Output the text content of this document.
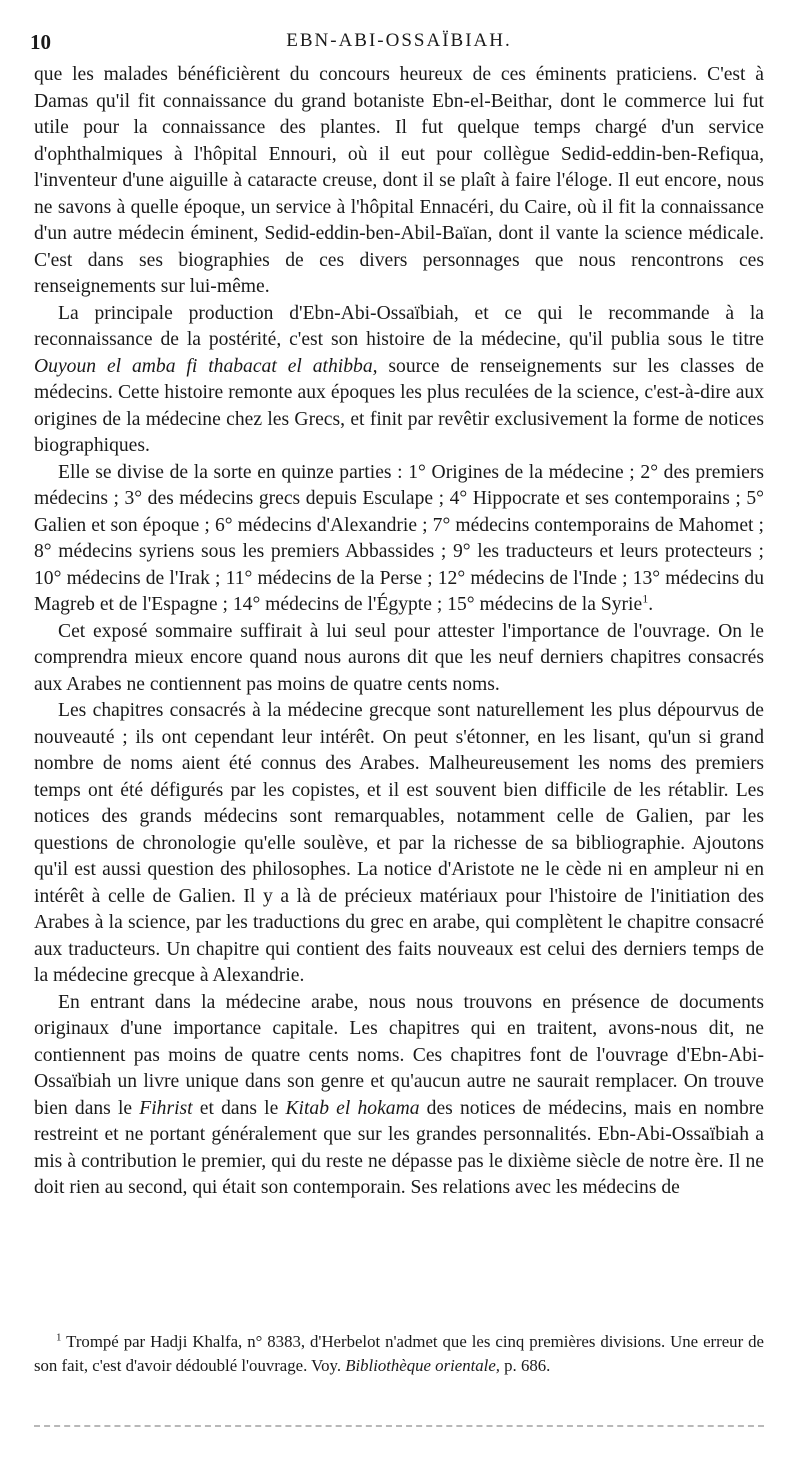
10	EBN-ABI-OSSAÏBIAH.

que les malades bénéficièrent du concours heureux de ces éminents praticiens. C'est à Damas qu'il fit connaissance du grand botaniste Ebn-el-Beithar, dont le commerce lui fut utile pour la connaissance des plantes. Il fut quelque temps chargé d'un service d'ophthalmiques à l'hôpital Ennouri, où il eut pour collègue Sedid-eddin-ben-Refiqua, l'inventeur d'une aiguille à cataracte creuse, dont il se plaît à faire l'éloge. Il eut encore, nous ne savons à quelle époque, un service à l'hôpital Ennacéri, du Caire, où il fit la connaissance d'un autre médecin éminent, Sedid-eddin-ben-Abil-Baïan, dont il vante la science médicale. C'est dans ses biographies de ces divers personnages que nous rencontrons ces renseignements sur lui-même.

La principale production d'Ebn-Abi-Ossaïbiah, et ce qui le recommande à la reconnaissance de la postérité, c'est son histoire de la médecine, qu'il publia sous le titre Ouyoun el amba fi thabacat el athibba, source de renseignements sur les classes de médecins. Cette histoire remonte aux époques les plus reculées de la science, c'est-à-dire aux origines de la médecine chez les Grecs, et finit par revêtir exclusivement la forme de notices biographiques.

Elle se divise de la sorte en quinze parties : 1° Origines de la médecine ; 2° des premiers médecins ; 3° des médecins grecs depuis Esculape ; 4° Hippocrate et ses contemporains ; 5° Galien et son époque ; 6° médecins d'Alexandrie ; 7° médecins contemporains de Mahomet ; 8° médecins syriens sous les premiers Abbassides ; 9° les traducteurs et leurs protecteurs ; 10° médecins de l'Irak ; 11° médecins de la Perse ; 12° médecins de l'Inde ; 13° médecins du Magreb et de l'Espagne ; 14° médecins de l'Égypte ; 15° médecins de la Syrie$^1$.

Cet exposé sommaire suffirait à lui seul pour attester l'importance de l'ouvrage. On le comprendra mieux encore quand nous aurons dit que les neuf derniers chapitres consacrés aux Arabes ne contiennent pas moins de quatre cents noms.

Les chapitres consacrés à la médecine grecque sont naturellement les plus dépourvus de nouveauté ; ils ont cependant leur intérêt. On peut s'étonner, en les lisant, qu'un si grand nombre de noms aient été connus des Arabes. Malheureusement les noms des premiers temps ont été défigurés par les copistes, et il est souvent bien difficile de les rétablir. Les notices des grands médecins sont remarquables, notamment celle de Galien, par les questions de chronologie qu'elle soulève, et par la richesse de sa bibliographie. Ajoutons qu'il est aussi question des philosophes. La notice d'Aristote ne le cède ni en ampleur ni en intérêt à celle de Galien. Il y a là de précieux matériaux pour l'histoire de l'initiation des Arabes à la science, par les traductions du grec en arabe, qui complètent le chapitre consacré aux traducteurs. Un chapitre qui contient des faits nouveaux est celui des derniers temps de la médecine grecque à Alexandrie.

En entrant dans la médecine arabe, nous nous trouvons en présence de documents originaux d'une importance capitale. Les chapitres qui en traitent, avons-nous dit, ne contiennent pas moins de quatre cents noms. Ces chapitres font de l'ouvrage d'Ebn-Abi-Ossaïbiah un livre unique dans son genre et qu'aucun autre ne saurait remplacer. On trouve bien dans le Fihrist et dans le Kitab el hokama des notices de médecins, mais en nombre restreint et ne portant généralement que sur les grandes personnalités. Ebn-Abi-Ossaïbiah a mis à contribution le premier, qui du reste ne dépasse pas le dixième siècle de notre ère. Il ne doit rien au second, qui était son contemporain. Ses relations avec les médecins de

$^1$ Trompé par Hadji Khalfa, n° 8383, d'Herbelot n'admet que les cinq premières divisions. Une erreur de son fait, c'est d'avoir dédoublé l'ouvrage. Voy. Bibliothèque orientale, p. 686.
